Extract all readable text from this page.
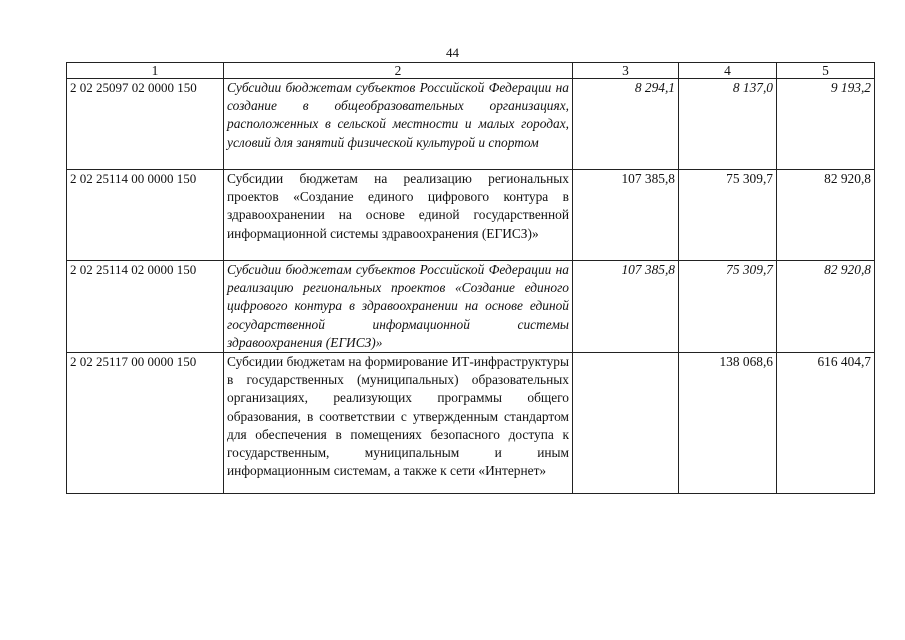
44
1	2	3	4	5
2 02 25097 02 0000 150	Субсидии бюджетам субъектов Российской Федерации на создание в общеобразовательных организациях, расположенных в сельской местности и малых городах, условий для занятий физической культурой и спортом	8 294,1	8 137,0	9 193,2
2 02 25114 00 0000 150	Субсидии бюджетам на реализацию региональных проектов «Создание единого цифрового контура в здравоохранении на основе единой государственной информационной системы здравоохранения (ЕГИСЗ)»	107 385,8	75 309,7	82 920,8
2 02 25114 02 0000 150	Субсидии бюджетам субъектов Российской Федерации на реализацию региональных проектов «Создание единого цифрового контура в здравоохранении на основе единой государственной информационной системы здравоохранения (ЕГИСЗ)»	107 385,8	75 309,7	82 920,8
2 02 25117 00 0000 150	Субсидии бюджетам на формирование ИТ-инфраструктуры в государственных (муниципальных) образовательных организациях, реализующих программы общего образования, в соответствии с утвержденным стандартом для обеспечения в помещениях безопасного доступа к государственным, муниципальным и иным информационным системам, а также к сети «Интернет»		138 068,6	616 404,7
